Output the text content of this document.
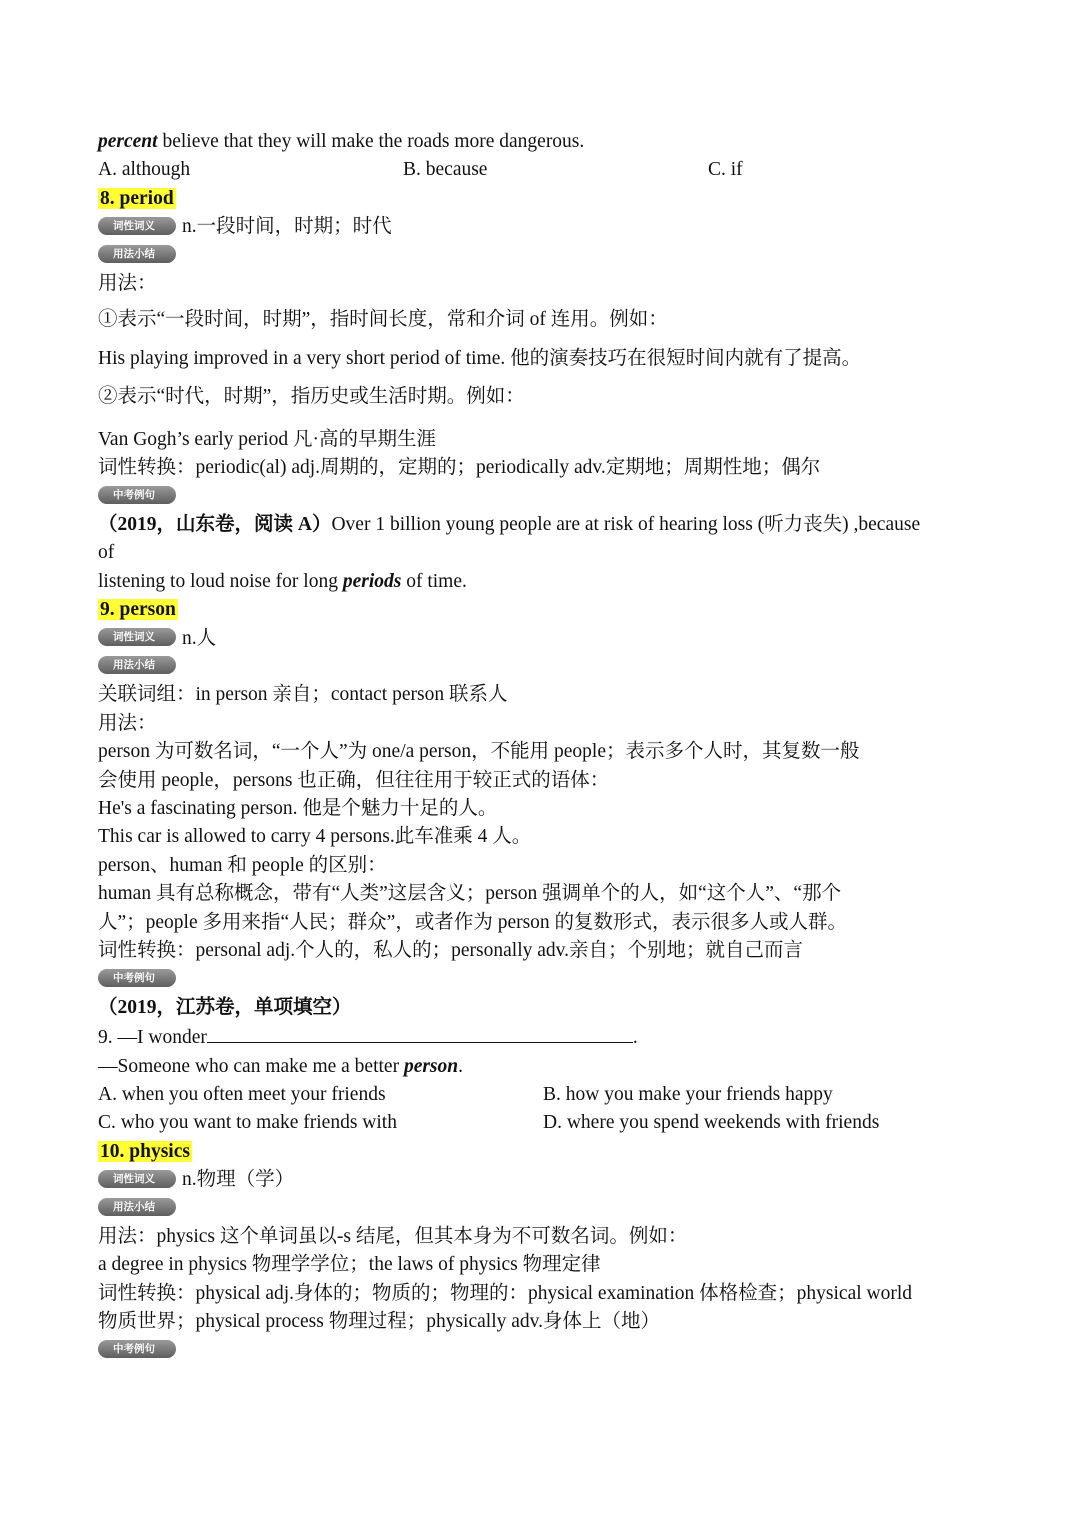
percent believe that they will make the roads more dangerous.
A. although	B. because	C. if
8. period
词性词义 n.一段时间，时期；时代
用法小结
用法：
①表示“一段时间，时期”，指时间长度，常和介词 of 连用。例如：
His playing improved in a very short period of time. 他的演奏技巧在很短时间内就有了提高。
②表示“时代，时期”，指历史或生活时期。例如：
Van Gogh’s early period 凡·高的早期生涯
词性转换：periodic(al) adj.周期的，定期的；periodically adv.定期地；周期性地；偶尔
中考例句
（2019，山东卷，阅读 A）Over 1 billion young people are at risk of hearing loss (听力丧失) ,because
of
listening to loud noise for long periods of time.
9. person
词性词义 n.人
用法小结
关联词组：in person 亲自；contact person 联系人
用法：
person 为可数名词，“一个人”为 one/a person，不能用 people；表示多个人时，其复数一般
会使用 people，persons 也正确，但往往用于较正式的语体：
He's a fascinating person. 他是个魅力十足的人。
This car is allowed to carry 4 persons.此车准乘 4 人。
person、human 和 people 的区别：
human 具有总称概念，带有“人类”这层含义；person 强调单个的人，如“这个人”、“那个
人”；people 多用来指“人民；群众”，或者作为 person 的复数形式，表示很多人或人群。
词性转换：personal adj.个人的，私人的；personally adv.亲自；个别地；就自己而言
中考例句
（2019，江苏卷，单项填空）
9. —I wonder	.
—Someone who can make me a better person.
A. when you often meet your friends	B. how you make your friends happy
C. who you want to make friends with	D. where you spend weekends with friends
10. physics
词性词义 n.物理（学）
用法小结
用法：physics 这个单词虽以-s 结尾，但其本身为不可数名词。例如：
a degree in physics 物理学学位；the laws of physics 物理定律
词性转换：physical adj.身体的；物质的；物理的：physical examination 体格检查；physical world
物质世界；physical process 物理过程；physically adv.身体上（地）
中考例句
